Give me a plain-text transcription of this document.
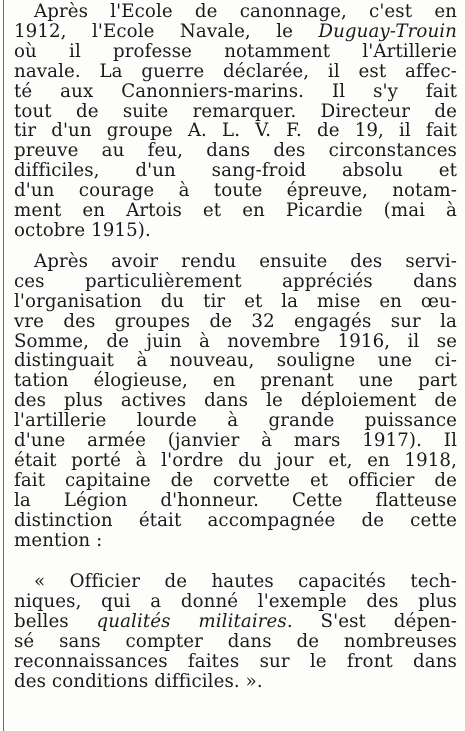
Après l'Ecole de canonnage, c'est en
1912, l'Ecole Navale, le Duguay-Trouin
où il professe notamment l'Artillerie
navale. La guerre déclarée, il est affec-
té aux Canonniers-marins. Il s'y fait
tout de suite remarquer. Directeur de
tir d'un groupe A. L. V. F. de 19, il fait
preuve au feu, dans des circonstances
difficiles, d'un sang-froid absolu et
d'un courage à toute épreuve, notam-
ment en Artois et en Picardie (mai à
octobre 1915).

Après avoir rendu ensuite des servi-
ces particulièrement appréciés dans
l'organisation du tir et la mise en œu-
vre des groupes de 32 engagés sur la
Somme, de juin à novembre 1916, il se
distinguait à nouveau, souligne une ci-
tation élogieuse, en prenant une part
des plus actives dans le déploiement de
l'artillerie lourde à grande puissance
d'une armée (janvier à mars 1917). Il
était porté à l'ordre du jour et, en 1918,
fait capitaine de corvette et officier de
la Légion d'honneur. Cette flatteuse
distinction était accompagnée de cette
mention :

« Officier de hautes capacités tech-
niques, qui a donné l'exemple des plus
belles qualités militaires. S'est dépen-
sé sans compter dans de nombreuses
reconnaissances faites sur le front dans
des conditions difficiles. ».
